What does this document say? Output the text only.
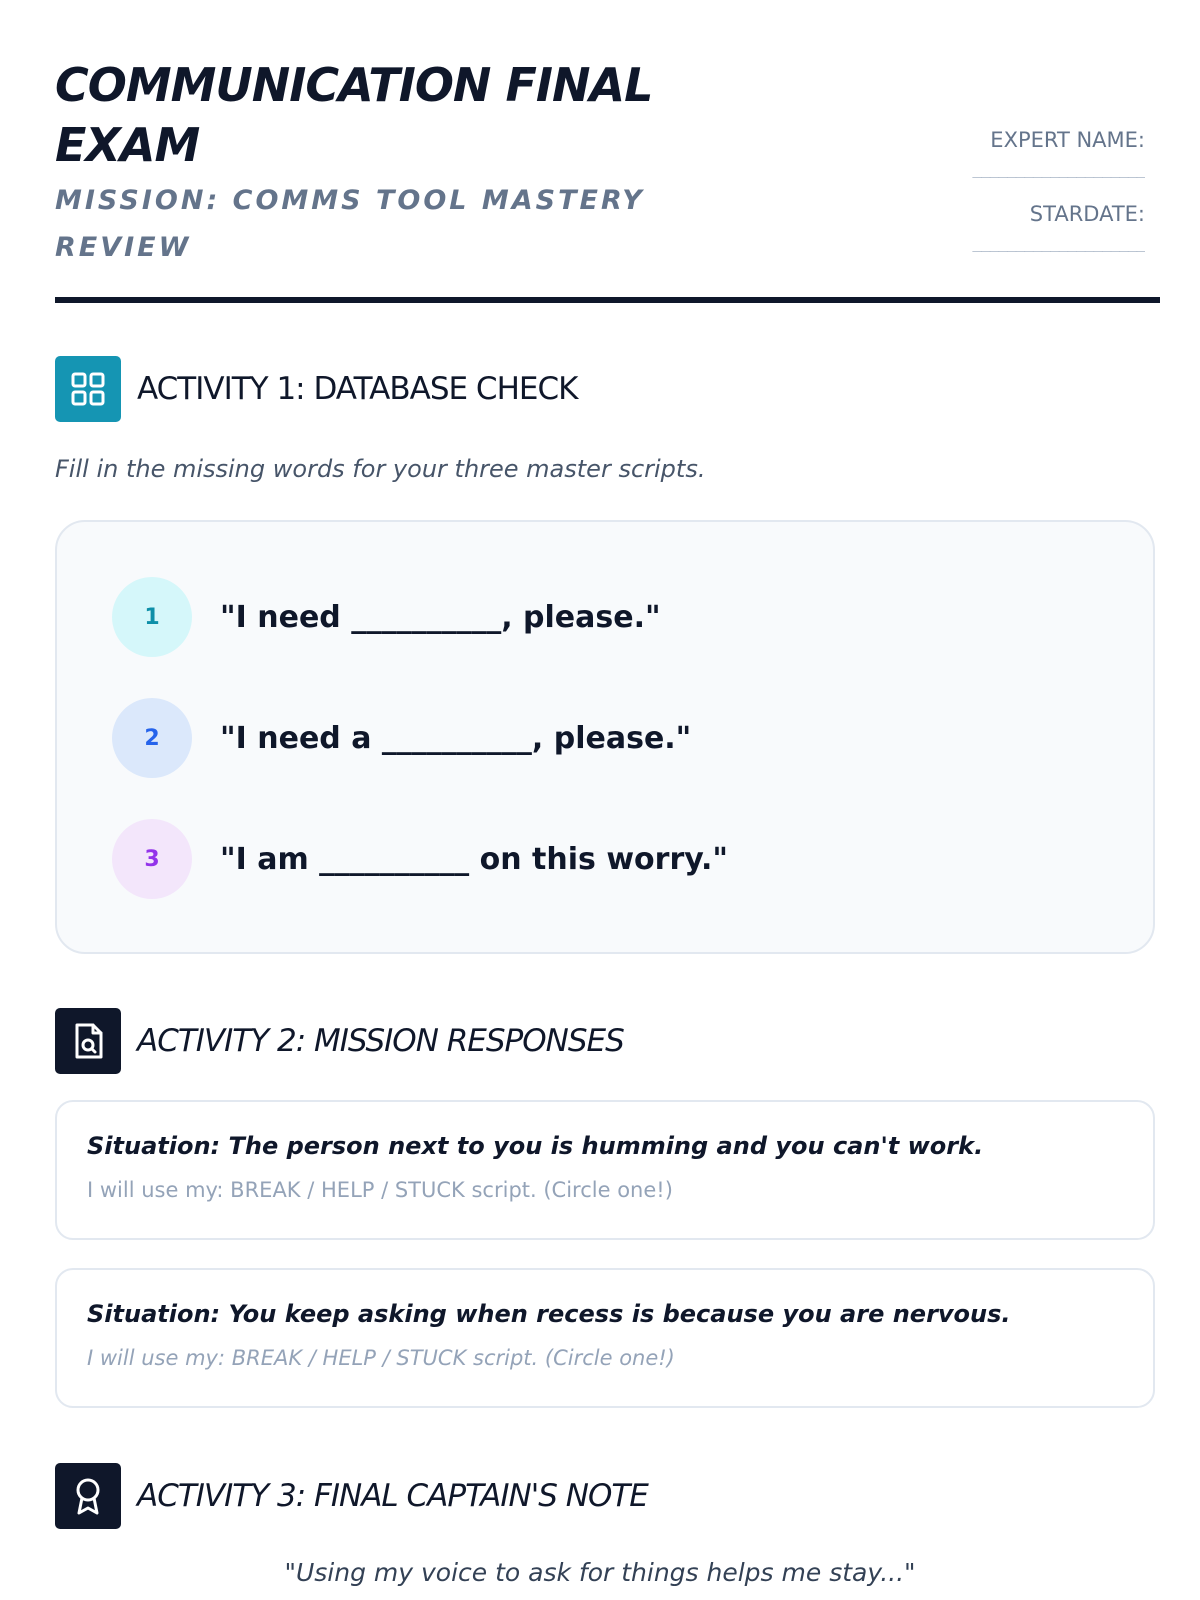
COMMUNICATION FINAL EXAM
MISSION: COMMS TOOL MASTERY REVIEW
EXPERT NAME:
____________________
STARDATE:
____________________
ACTIVITY 1: DATABASE CHECK
Fill in the missing words for your three master scripts.
1	"I need __________, please."
2	"I need a __________, please."
3	"I am __________ on this worry."
ACTIVITY 2: MISSION RESPONSES
Situation: The person next to you is humming and you can't work.
I will use my: BREAK / HELP / STUCK script. (Circle one!)
Situation: You keep asking when recess is because you are nervous.
I will use my: BREAK / HELP / STUCK script. (Circle one!)
ACTIVITY 3: FINAL CAPTAIN'S NOTE
"Using my voice to ask for things helps me stay..."
